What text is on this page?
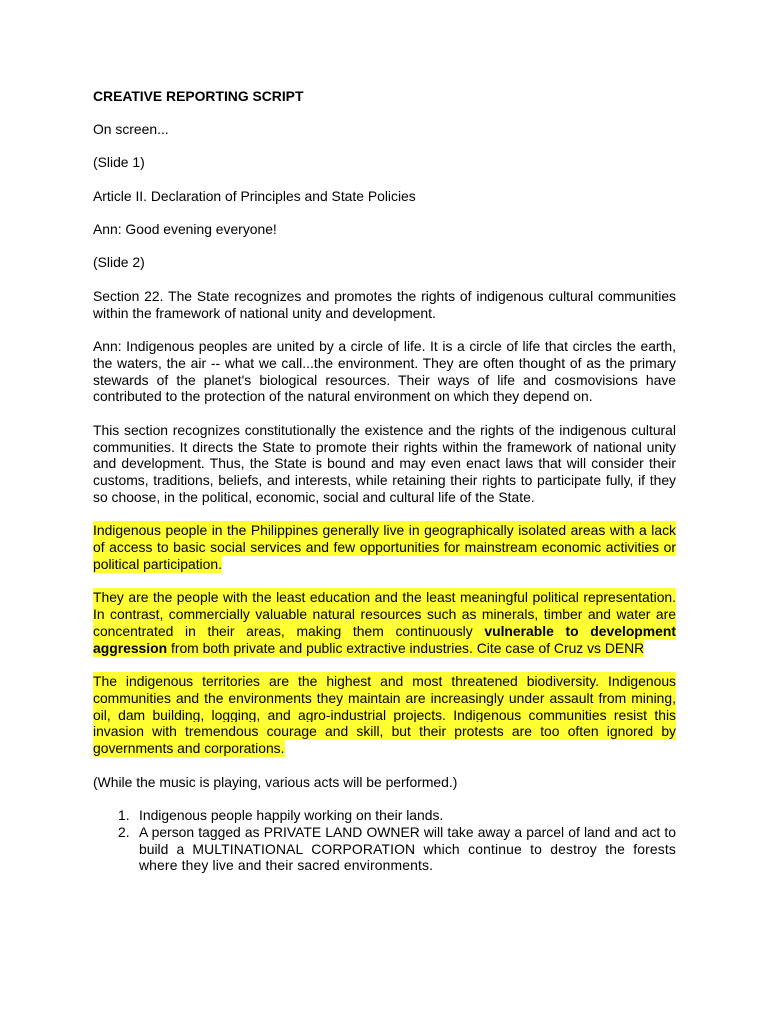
CREATIVE REPORTING SCRIPT

On screen...

(Slide 1)

Article II. Declaration of Principles and State Policies

Ann: Good evening everyone!

(Slide 2)

Section 22. The State recognizes and promotes the rights of indigenous cultural communities within the framework of national unity and development.

Ann: Indigenous peoples are united by a circle of life. It is a circle of life that circles the earth, the waters, the air -- what we call...the environment. They are often thought of as the primary stewards of the planet's biological resources. Their ways of life and cosmovisions have contributed to the protection of the natural environment on which they depend on.

This section recognizes constitutionally the existence and the rights of the indigenous cultural communities. It directs the State to promote their rights within the framework of national unity and development. Thus, the State is bound and may even enact laws that will consider their customs, traditions, beliefs, and interests, while retaining their rights to participate fully, if they so choose, in the political, economic, social and cultural life of the State.

Indigenous people in the Philippines generally live in geographically isolated areas with a lack of access to basic social services and few opportunities for mainstream economic activities or political participation.

They are the people with the least education and the least meaningful political representation. In contrast, commercially valuable natural resources such as minerals, timber and water are concentrated in their areas, making them continuously vulnerable to development aggression from both private and public extractive industries. Cite case of Cruz vs DENR

The indigenous territories are the highest and most threatened biodiversity. Indigenous communities and the environments they maintain are increasingly under assault from mining, oil, dam building, logging, and agro-industrial projects. Indigenous communities resist this invasion with tremendous courage and skill, but their protests are too often ignored by governments and corporations.

(While the music is playing, various acts will be performed.)

1. Indigenous people happily working on their lands.
2. A person tagged as PRIVATE LAND OWNER will take away a parcel of land and act to build a MULTINATIONAL CORPORATION which continue to destroy the forests where they live and their sacred environments.
